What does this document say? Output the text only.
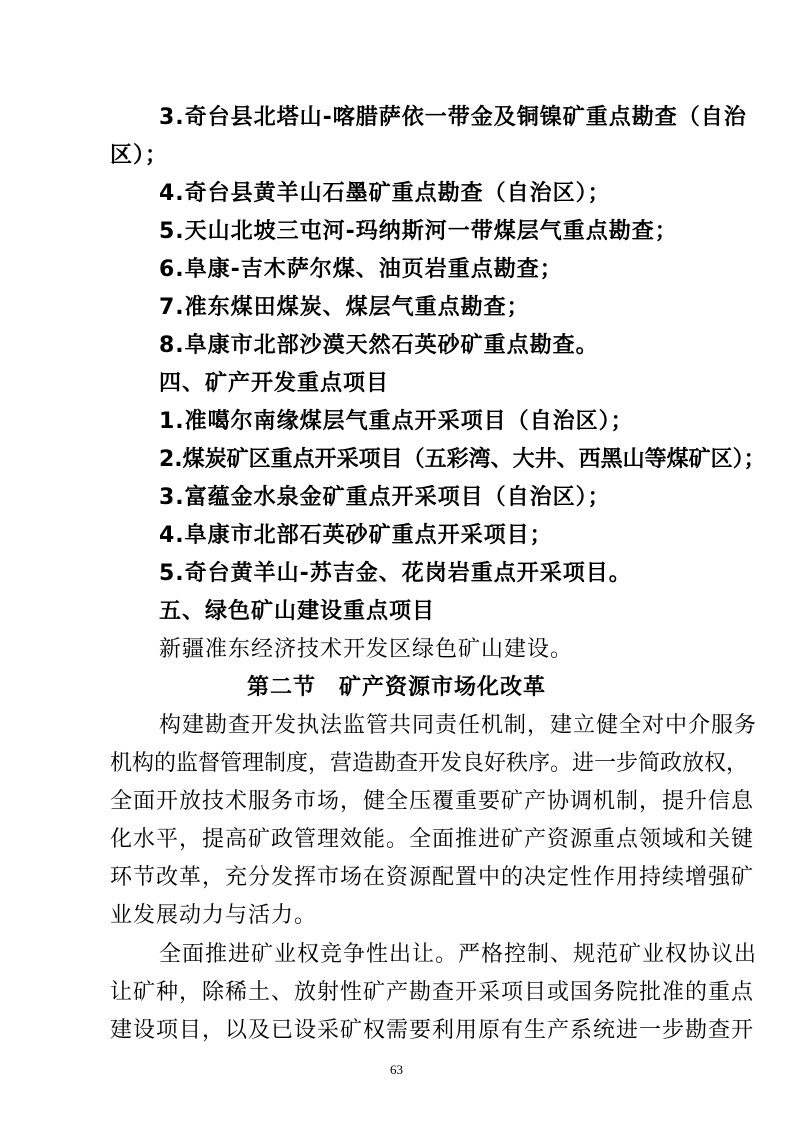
3.奇台县北塔山-喀腊萨依一带金及铜镍矿重点勘查（自治
区）；
4.奇台县黄羊山石墨矿重点勘查（自治区）；
5.天山北坡三屯河-玛纳斯河一带煤层气重点勘查；
6.阜康-吉木萨尔煤、油页岩重点勘查；
7.准东煤田煤炭、煤层气重点勘查；
8.阜康市北部沙漠天然石英砂矿重点勘查。
四、矿产开发重点项目
1.准噶尔南缘煤层气重点开采项目（自治区）；
2.煤炭矿区重点开采项目（五彩湾、大井、西黑山等煤矿区）；
3.富蕴金水泉金矿重点开采项目（自治区）；
4.阜康市北部石英砂矿重点开采项目；
5.奇台黄羊山-苏吉金、花岗岩重点开采项目。
五、绿色矿山建设重点项目
新疆准东经济技术开发区绿色矿山建设。
第二节　矿产资源市场化改革
构建勘查开发执法监管共同责任机制，建立健全对中介服务
机构的监督管理制度，营造勘查开发良好秩序。进一步简政放权，
全面开放技术服务市场，健全压覆重要矿产协调机制，提升信息
化水平，提高矿政管理效能。全面推进矿产资源重点领域和关键
环节改革，充分发挥市场在资源配置中的决定性作用持续增强矿
业发展动力与活力。
全面推进矿业权竞争性出让。严格控制、规范矿业权协议出
让矿种，除稀土、放射性矿产勘查开采项目或国务院批准的重点
建设项目，以及已设采矿权需要利用原有生产系统进一步勘查开
63
